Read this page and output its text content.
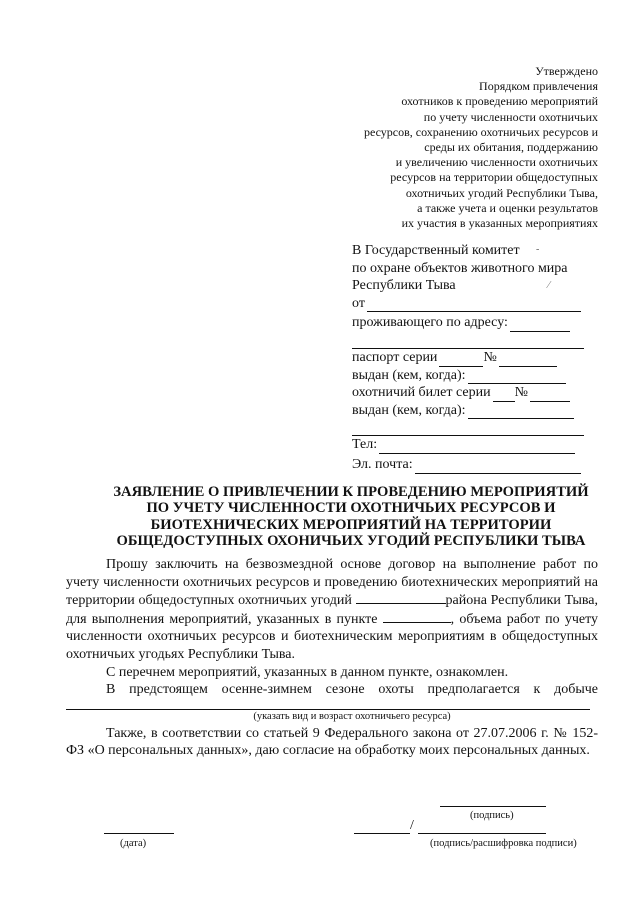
Утверждено
Порядком привлечения
охотников к проведению мероприятий
по учету численности охотничьих
ресурсов, сохранению охотничьих ресурсов и
среды их обитания, поддержанию
и увеличению численности охотничьих
ресурсов на территории общедоступных
охотничьих угодий Республики Тыва,
а также учета и оценки результатов
их участия в указанных мероприятиях
В Государственный комитет
по охране объектов животного мира
Республики Тыва
от
проживающего по адресу:
паспорт серии	№
выдан (кем, когда):
охотничий билет серии №
выдан (кем, когда):
Тел:
Эл. почта:
ЗАЯВЛЕНИЕ О ПРИВЛЕЧЕНИИ К ПРОВЕДЕНИЮ МЕРОПРИЯТИЙ
ПО УЧЕТУ ЧИСЛЕННОСТИ ОХОТНИЧЬИХ РЕСУРСОВ И
БИОТЕХНИЧЕСКИХ МЕРОПРИЯТИЙ НА ТЕРРИТОРИИ
ОБЩЕДОСТУПНЫХ ОХОНИЧЬИХ УГОДИЙ РЕСПУБЛИКИ ТЫВА

Прошу заключить на безвозмездной основе договор на выполнение работ по учету численности охотничьих ресурсов и проведению биотехнических мероприятий на территории общедоступных охотничьих угодий	района Республики Тыва, для выполнения мероприятий, указанных в пункте	, объема работ по учету численности охотничьих ресурсов и биотехническим мероприятиям в общедоступных охотничьих угодьях Республики Тыва.

С перечнем мероприятий, указанных в данном пункте, ознакомлен.

В предстоящем осенне-зимнем сезоне охоты предполагается к добыче

(указать вид и возраст охотничьего ресурса)

Также, в соответствии со статьей 9 Федерального закона от 27.07.2006 г. № 152-ФЗ «О персональных данных», даю согласие на обработку моих персональных данных.

(подпись)
(дата)
/
(подпись/расшифровка подписи)
-
⁄
